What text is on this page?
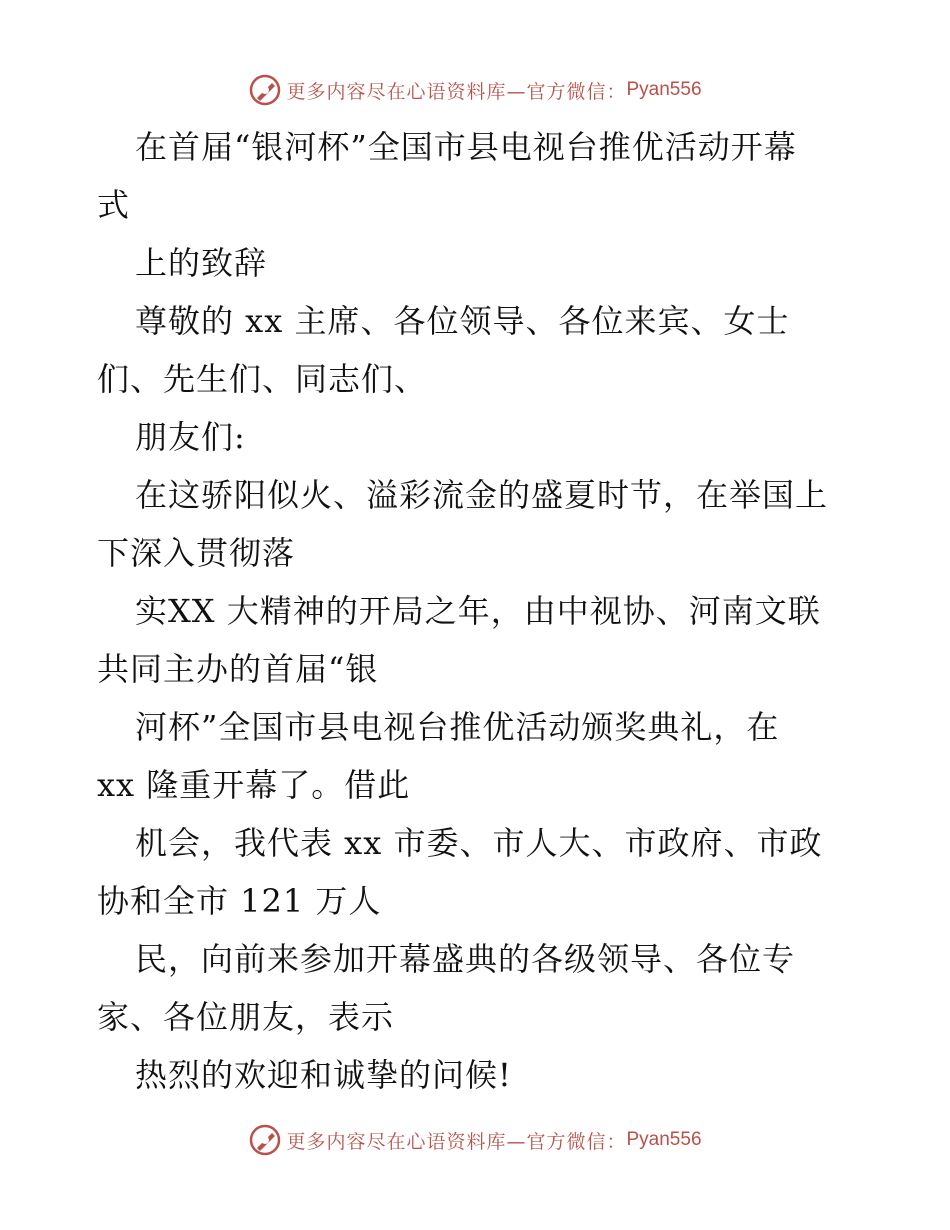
更多内容尽在心语资料库—官方微信： Pyan556
在首届“银河杯”全国市县电视台推优活动开幕
式
上的致辞
尊敬的 xx 主席、各位领导、各位来宾、女士
们、先生们、同志们、
朋友们:
在这骄阳似火、溢彩流金的盛夏时节，在举国上
下深入贯彻落
实XX 大精神的开局之年，由中视协、河南文联
共同主办的首届“银
河杯”全国市县电视台推优活动颁奖典礼，在
xx 隆重开幕了。借此
机会，我代表 xx 市委、市人大、市政府、市政
协和全市 121 万人
民，向前来参加开幕盛典的各级领导、各位专
家、各位朋友，表示
热烈的欢迎和诚挚的问候!
更多内容尽在心语资料库—官方微信： Pyan556
